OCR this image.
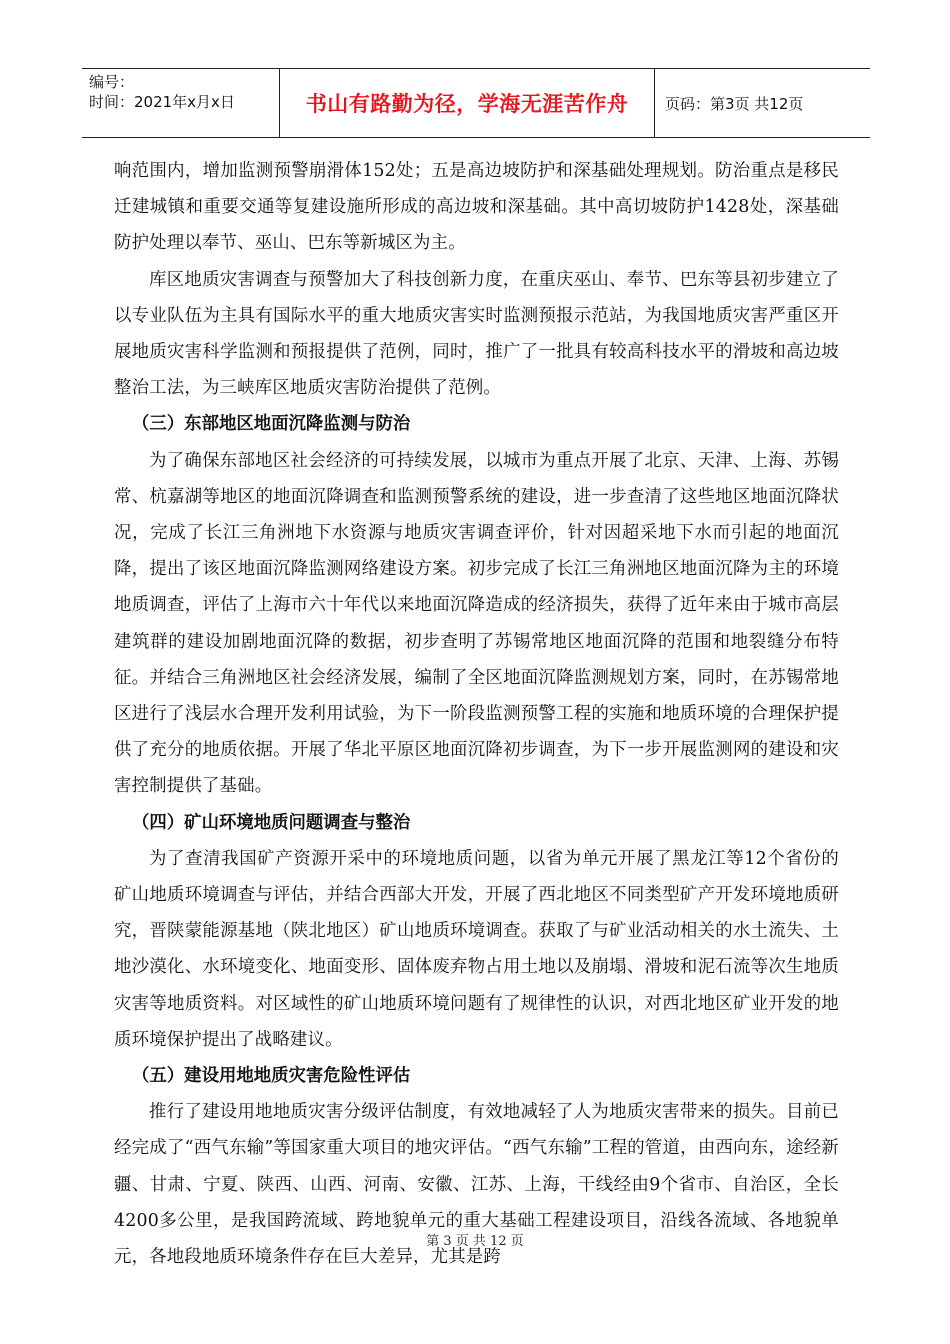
编号：
时间：2021年x月x日	书山有路勤为径，学海无涯苦作舟	页码：第3页 共12页

响范围内，增加监测预警崩滑体152处；五是高边坡防护和深基础处理规划。防治重点是移民迁建城镇和重要交通等复建设施所形成的高边坡和深基础。其中高切坡防护1428处，深基础防护处理以奉节、巫山、巴东等新城区为主。

库区地质灾害调查与预警加大了科技创新力度，在重庆巫山、奉节、巴东等县初步建立了以专业队伍为主具有国际水平的重大地质灾害实时监测预报示范站，为我国地质灾害严重区开展地质灾害科学监测和预报提供了范例，同时，推广了一批具有较高科技水平的滑坡和高边坡整治工法，为三峡库区地质灾害防治提供了范例。

（三）东部地区地面沉降监测与防治

为了确保东部地区社会经济的可持续发展，以城市为重点开展了北京、天津、上海、苏锡常、杭嘉湖等地区的地面沉降调查和监测预警系统的建设，进一步查清了这些地区地面沉降状况，完成了长江三角洲地下水资源与地质灾害调查评价，针对因超采地下水而引起的地面沉降，提出了该区地面沉降监测网络建设方案。初步完成了长江三角洲地区地面沉降为主的环境地质调查，评估了上海市六十年代以来地面沉降造成的经济损失，获得了近年来由于城市高层建筑群的建设加剧地面沉降的数据，初步查明了苏锡常地区地面沉降的范围和地裂缝分布特征。并结合三角洲地区社会经济发展，编制了全区地面沉降监测规划方案，同时，在苏锡常地区进行了浅层水合理开发利用试验，为下一阶段监测预警工程的实施和地质环境的合理保护提供了充分的地质依据。开展了华北平原区地面沉降初步调查，为下一步开展监测网的建设和灾害控制提供了基础。

（四）矿山环境地质问题调查与整治

为了查清我国矿产资源开采中的环境地质问题，以省为单元开展了黑龙江等12个省份的矿山地质环境调查与评估，并结合西部大开发，开展了西北地区不同类型矿产开发环境地质研究，晋陕蒙能源基地（陕北地区）矿山地质环境调查。获取了与矿业活动相关的水土流失、土地沙漠化、水环境变化、地面变形、固体废弃物占用土地以及崩塌、滑坡和泥石流等次生地质灾害等地质资料。对区域性的矿山地质环境问题有了规律性的认识，对西北地区矿业开发的地质环境保护提出了战略建议。

（五）建设用地地质灾害危险性评估

推行了建设用地地质灾害分级评估制度，有效地减轻了人为地质灾害带来的损失。目前已经完成了“西气东输”等国家重大项目的地灾评估。“西气东输”工程的管道，由西向东，途经新疆、甘肃、宁夏、陕西、山西、河南、安徽、江苏、上海，干线经由9个省市、自治区，全长4200多公里，是我国跨流域、跨地貌单元的重大基础工程建设项目，沿线各流域、各地貌单元，各地段地质环境条件存在巨大差异，尤其是跨

第 3 页 共 12 页
